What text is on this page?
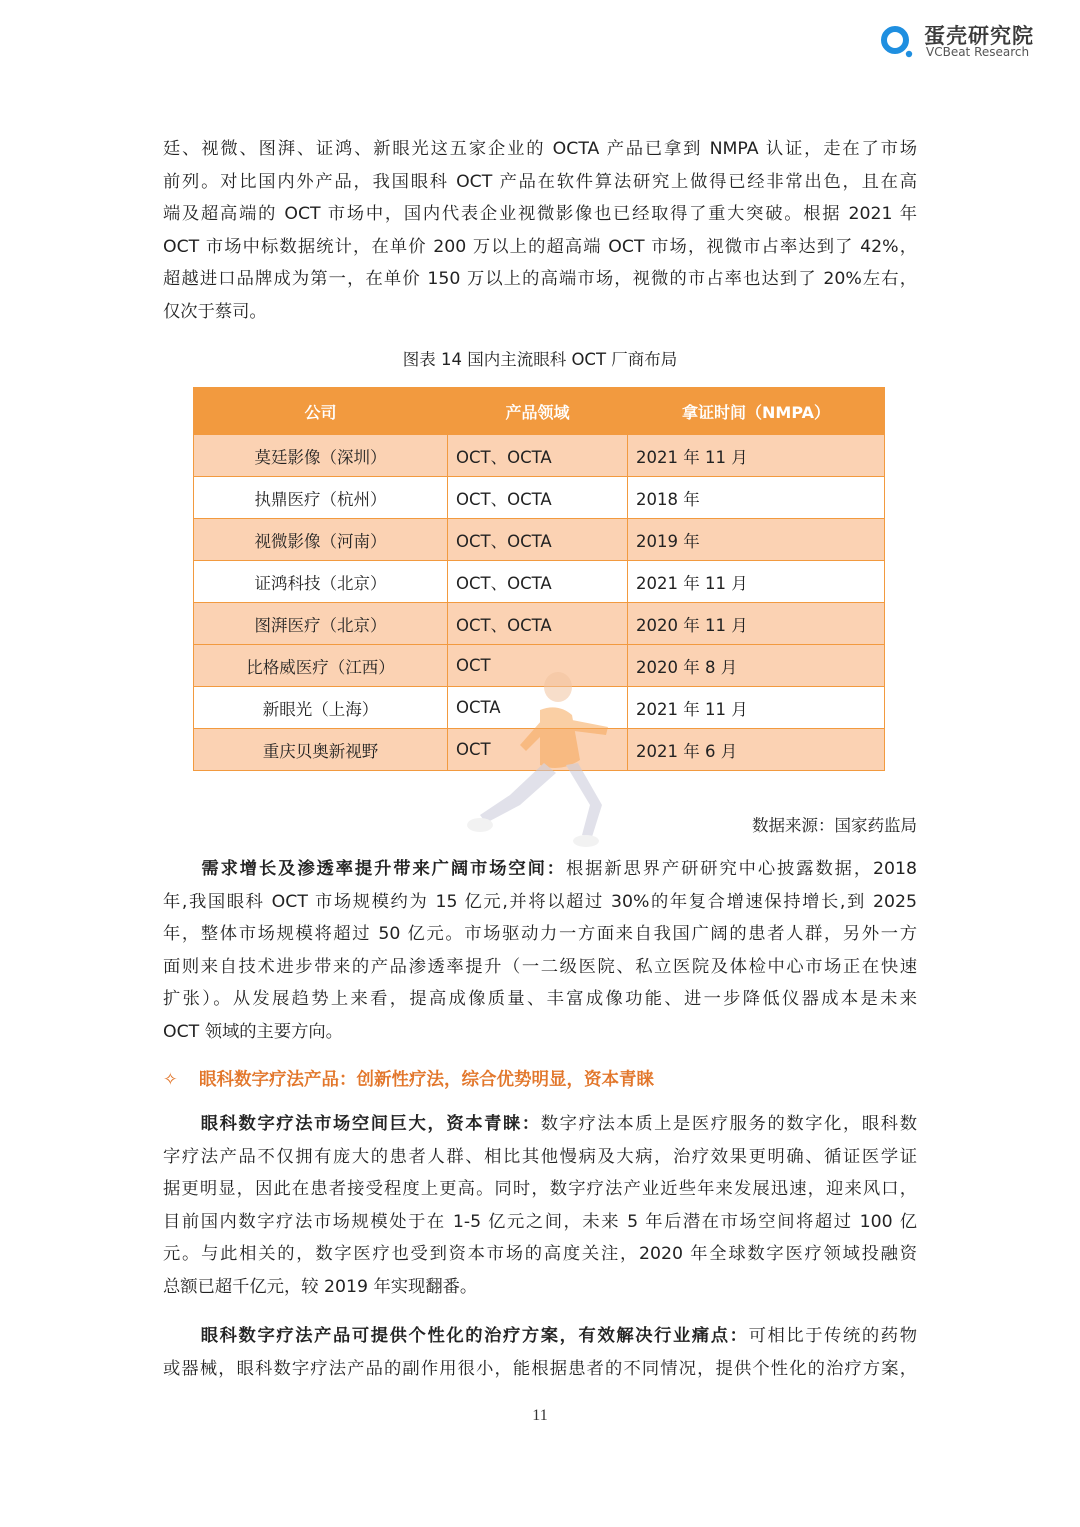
蛋壳研究院
VCBeat Research

廷、视微、图湃、证鸿、新眼光这五家企业的 OCTA 产品已拿到 NMPA 认证，走在了市场
前列。对比国内外产品，我国眼科 OCT 产品在软件算法研究上做得已经非常出色，且在高
端及超高端的 OCT 市场中，国内代表企业视微影像也已经取得了重大突破。根据 2021 年
OCT 市场中标数据统计，在单价 200 万以上的超高端 OCT 市场，视微市占率达到了 42%，
超越进口品牌成为第一，在单价 150 万以上的高端市场，视微的市占率也达到了 20%左右，
仅次于蔡司。

图表 14 国内主流眼科 OCT 厂商布局
公司	产品领域	拿证时间（NMPA）
莫廷影像（深圳）	OCT、OCTA	2021 年 11 月
执鼎医疗（杭州）	OCT、OCTA	2018 年
视微影像（河南）	OCT、OCTA	2019 年
证鸿科技（北京）	OCT、OCTA	2021 年 11 月
图湃医疗（北京）	OCT、OCTA	2020 年 11 月
比格威医疗（江西）	OCT	2020 年 8 月
新眼光（上海）	OCTA	2021 年 11 月
重庆贝奥新视野	OCT	2021 年 6 月
数据来源：国家药监局

　　需求增长及渗透率提升带来广阔市场空间：根据新思界产研研究中心披露数据，2018
年,我国眼科 OCT 市场规模约为 15 亿元,并将以超过 30%的年复合增速保持增长,到 2025
年，整体市场规模将超过 50 亿元。市场驱动力一方面来自我国广阔的患者人群，另外一方
面则来自技术进步带来的产品渗透率提升（一二级医院、私立医院及体检中心市场正在快速
扩张）。从发展趋势上来看，提高成像质量、丰富成像功能、进一步降低仪器成本是未来
OCT 领域的主要方向。

✧ 眼科数字疗法产品：创新性疗法，综合优势明显，资本青睐

　　眼科数字疗法市场空间巨大，资本青睐：数字疗法本质上是医疗服务的数字化，眼科数
字疗法产品不仅拥有庞大的患者人群、相比其他慢病及大病，治疗效果更明确、循证医学证
据更明显，因此在患者接受程度上更高。同时，数字疗法产业近些年来发展迅速，迎来风口，
目前国内数字疗法市场规模处于在 1-5 亿元之间，未来 5 年后潜在市场空间将超过 100 亿
元。与此相关的，数字医疗也受到资本市场的高度关注，2020 年全球数字医疗领域投融资
总额已超千亿元，较 2019 年实现翻番。

　　眼科数字疗法产品可提供个性化的治疗方案，有效解决行业痛点：可相比于传统的药物
或器械，眼科数字疗法产品的副作用很小，能根据患者的不同情况，提供个性化的治疗方案，

11
